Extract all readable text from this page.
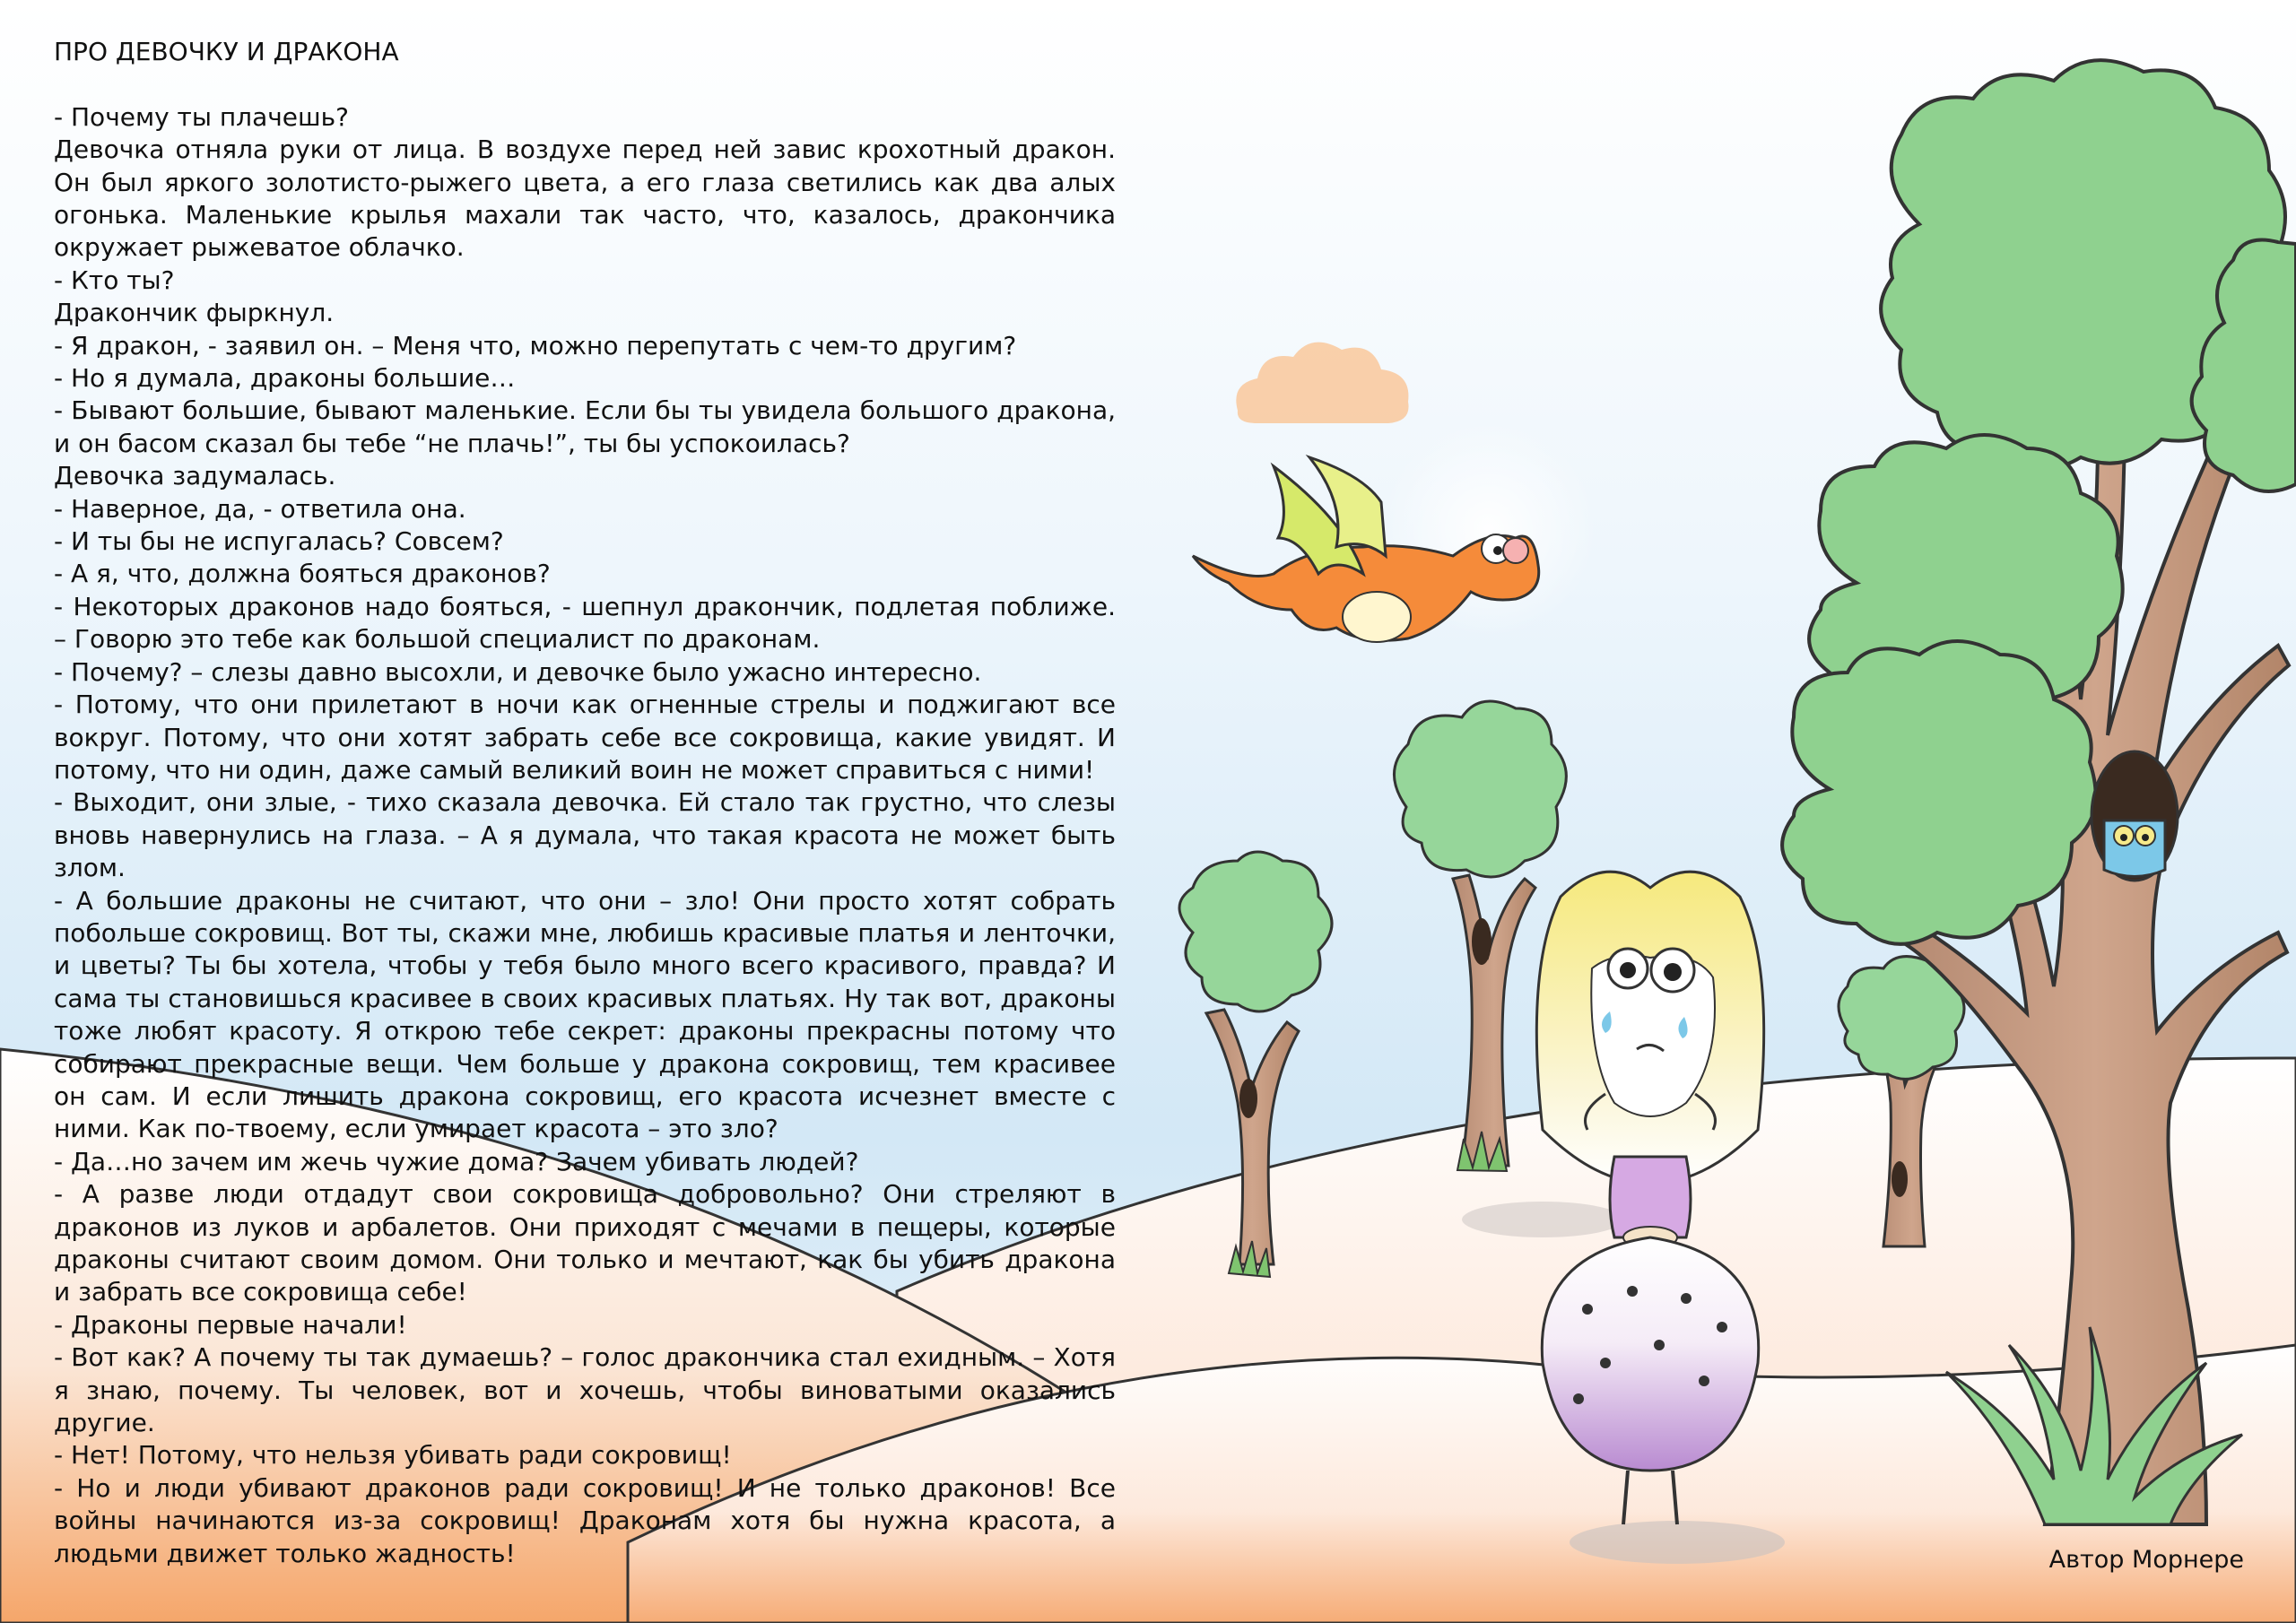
ПРО ДЕВОЧКУ И ДРАКОНА

- Почему ты плачешь?

Девочка отняла руки от лица. В воздухе перед ней завис крохотный дракон. Он был яркого золотисто-рыжего цвета, а его глаза светились как два алых огонька. Маленькие крылья махали так часто, что, казалось, дракончика окружает рыжеватое облачко.

- Кто ты?

Дракончик фыркнул.

- Я дракон, - заявил он. – Меня что, можно перепутать с чем-то другим?

- Но я думала, драконы большие…

- Бывают большие, бывают маленькие. Если бы ты увидела большого дракона, и он басом сказал бы тебе “не плачь!”, ты бы успокоилась?

Девочка задумалась.

- Наверное, да, - ответила она.

- И ты бы не испугалась? Совсем?

- А я, что, должна бояться драконов?

- Некоторых драконов надо бояться, - шепнул дракончик, подлетая поближе. – Говорю это тебе как большой специалист по драконам.

- Почему? – слезы давно высохли, и девочке было ужасно интересно.

- Потому, что они прилетают в ночи как огненные стрелы и поджигают все вокруг. Потому, что они хотят забрать себе все сокровища, какие увидят. И потому, что ни один, даже самый великий воин не может справиться с ними!

- Выходит, они злые, - тихо сказала девочка. Ей стало так грустно, что слезы вновь навернулись на глаза. – А я думала, что такая красота не может быть злом.

- А большие драконы не считают, что они – зло! Они просто хотят собрать побольше сокровищ. Вот ты, скажи мне, любишь красивые платья и ленточки, и цветы? Ты бы хотела, чтобы у тебя было много всего красивого, правда? И сама ты становишься красивее в своих красивых платьях. Ну так вот, драконы тоже любят красоту. Я открою тебе секрет: драконы прекрасны потому что собирают прекрасные вещи. Чем больше у дракона сокровищ, тем красивее он сам. И если лишить дракона сокровищ, его красота исчезнет вместе с ними. Как по-твоему, если умирает красота – это зло?

- Да…но зачем им жечь чужие дома? Зачем убивать людей?

- А разве люди отдадут свои сокровища добровольно? Они стреляют в драконов из луков и арбалетов. Они приходят с мечами в пещеры, которые драконы считают своим домом. Они только и мечтают, как бы убить дракона и забрать все сокровища себе!

- Драконы первые начали!

- Вот как? А почему ты так думаешь? – голос дракончика стал ехидным. – Хотя я знаю, почему. Ты человек, вот и хочешь, чтобы виноватыми оказались другие.

- Нет! Потому, что нельзя убивать ради сокровищ!

- Но и люди убивают драконов ради сокровищ! И не только драконов! Все войны начинаются из-за сокровищ! Драконам хотя бы нужна красота, а людьми движет только жадность!	Автор Морнере
